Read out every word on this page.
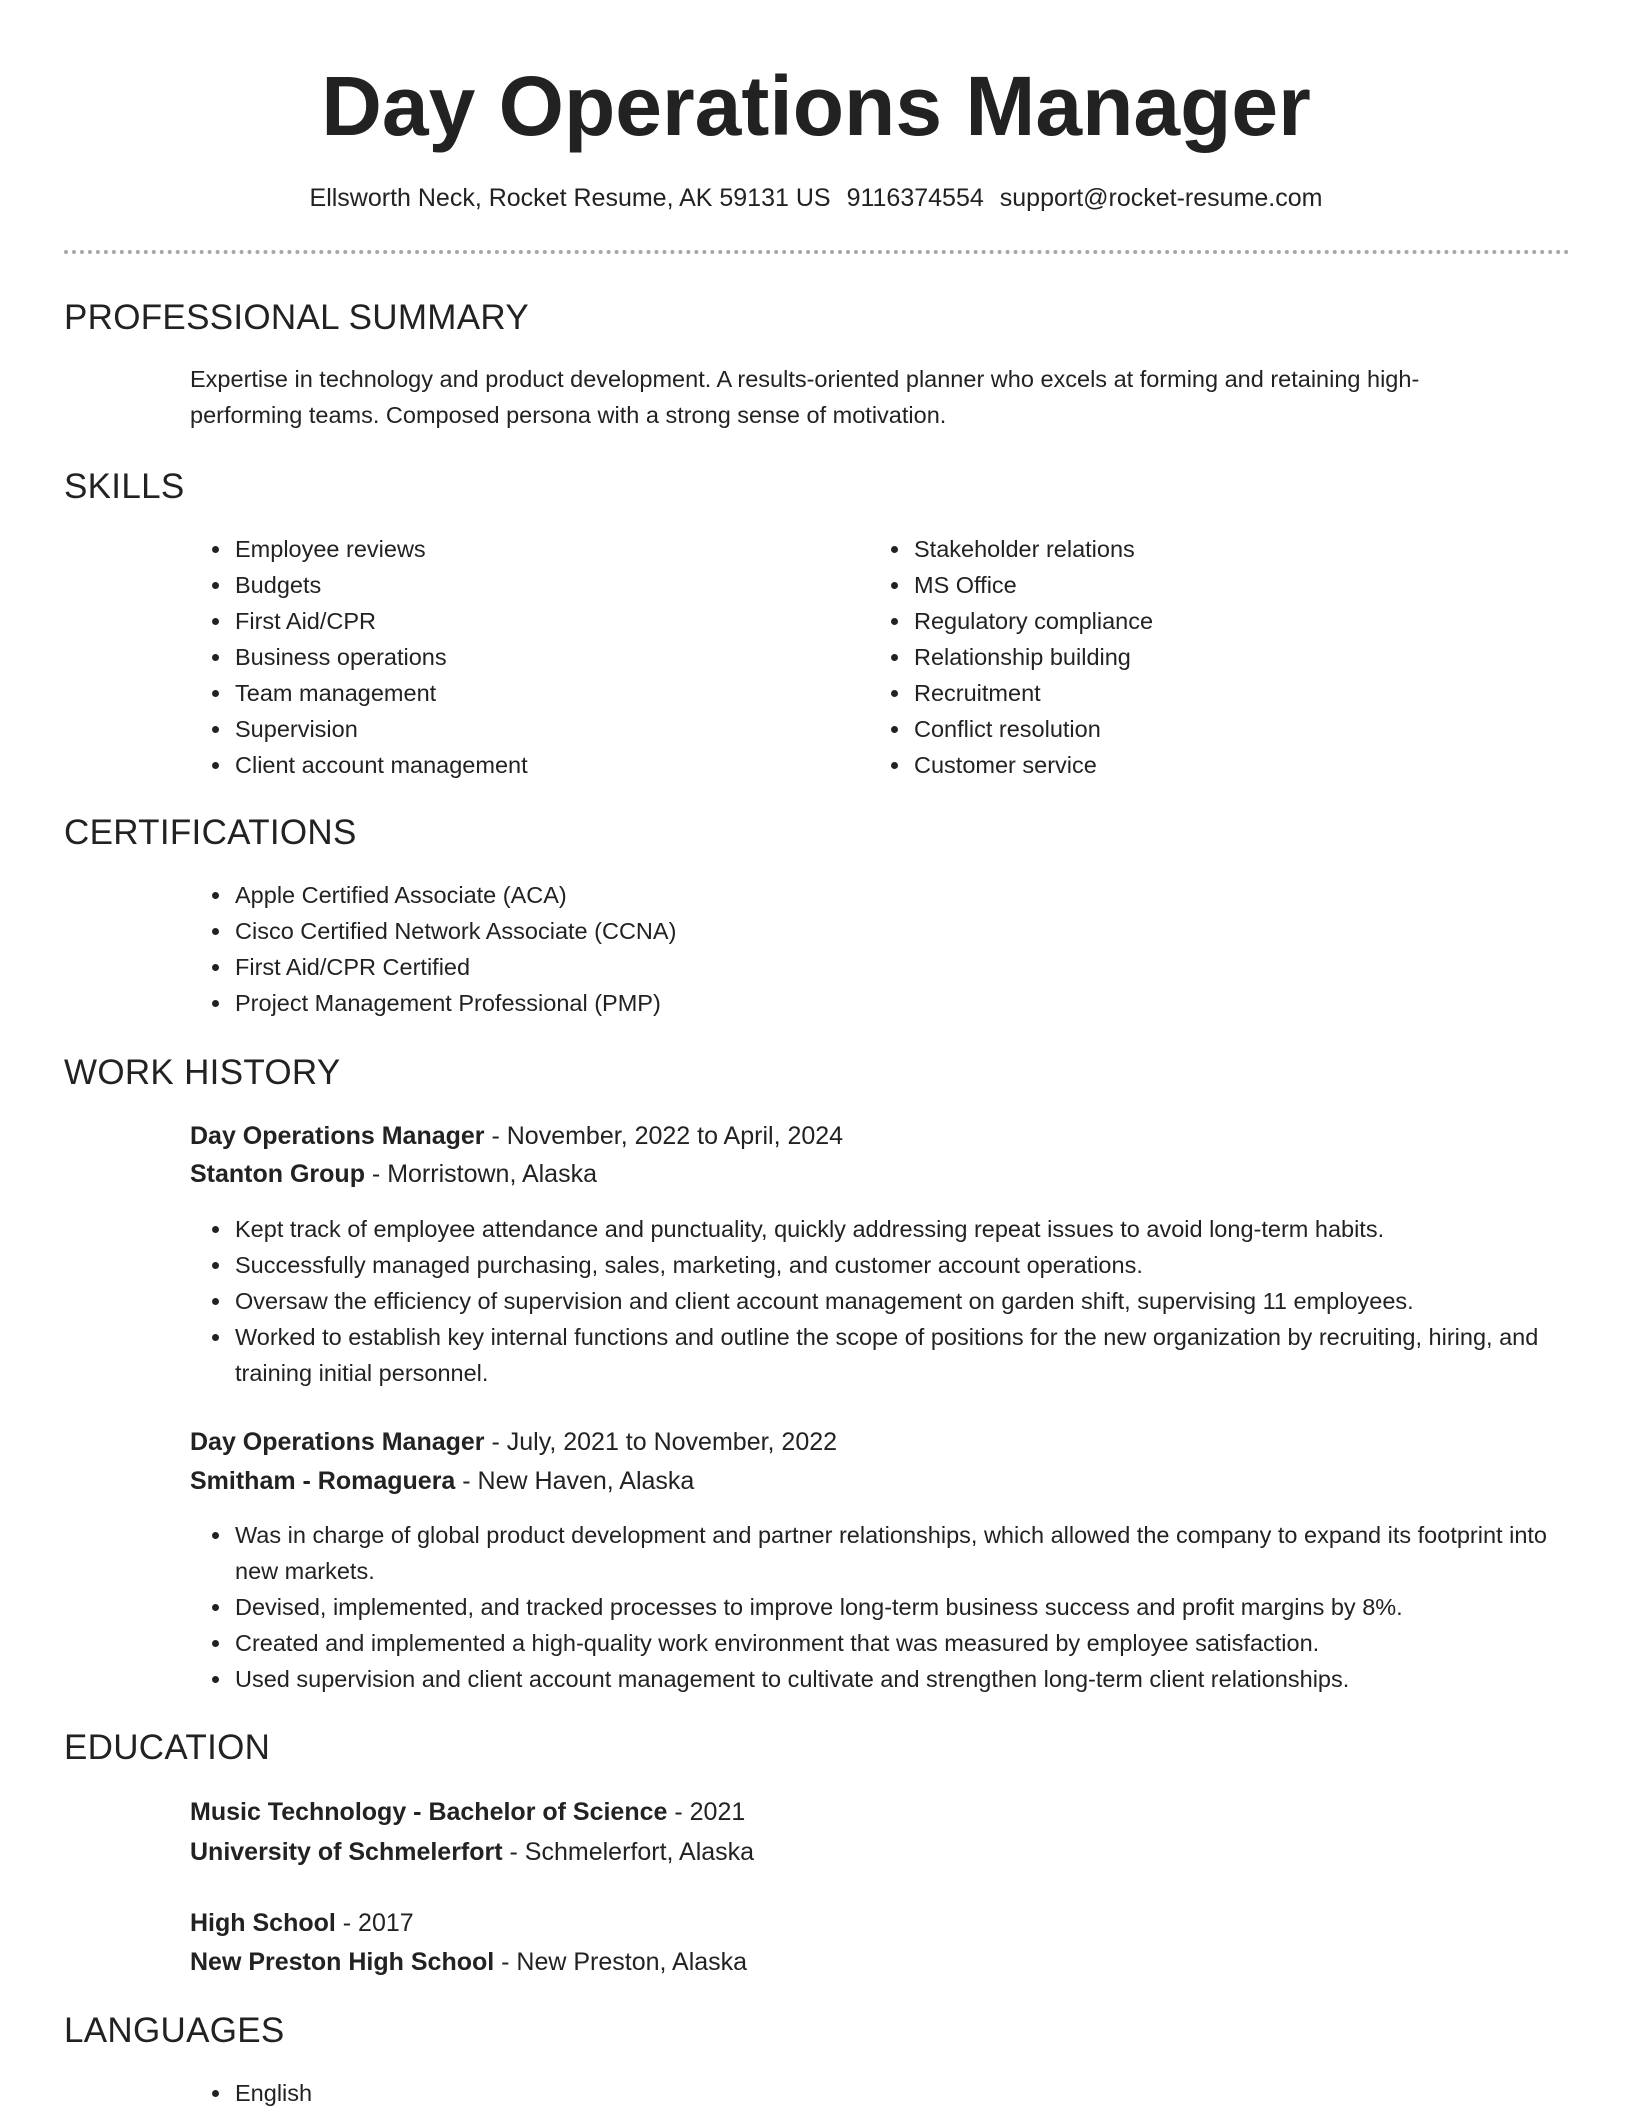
Day Operations Manager
Ellsworth Neck, Rocket Resume, AK 59131 US 9116374554 support@rocket-resume.com
PROFESSIONAL SUMMARY

Expertise in technology and product development. A results-oriented planner who excels at forming and retaining high-performing teams. Composed persona with a strong sense of motivation.

SKILLS
• Employee reviews
• Budgets
• First Aid/CPR
• Business operations
• Team management
• Supervision
• Client account management
• Stakeholder relations
• MS Office
• Regulatory compliance
• Relationship building
• Recruitment
• Conflict resolution
• Customer service
CERTIFICATIONS
• Apple Certified Associate (ACA)
• Cisco Certified Network Associate (CCNA)
• First Aid/CPR Certified
• Project Management Professional (PMP)
WORK HISTORY
Day Operations Manager - November, 2022 to April, 2024
Stanton Group - Morristown, Alaska
• Kept track of employee attendance and punctuality, quickly addressing repeat issues to avoid long-term habits.
• Successfully managed purchasing, sales, marketing, and customer account operations.
• Oversaw the efficiency of supervision and client account management on garden shift, supervising 11 employees.
• Worked to establish key internal functions and outline the scope of positions for the new organization by recruiting, hiring, and training initial personnel.
Day Operations Manager - July, 2021 to November, 2022
Smitham - Romaguera - New Haven, Alaska
• Was in charge of global product development and partner relationships, which allowed the company to expand its footprint into new markets.
• Devised, implemented, and tracked processes to improve long-term business success and profit margins by 8%.
• Created and implemented a high-quality work environment that was measured by employee satisfaction.
• Used supervision and client account management to cultivate and strengthen long-term client relationships.
EDUCATION
Music Technology - Bachelor of Science - 2021
University of Schmelerfort - Schmelerfort, Alaska
High School - 2017
New Preston High School - New Preston, Alaska
LANGUAGES
• English
